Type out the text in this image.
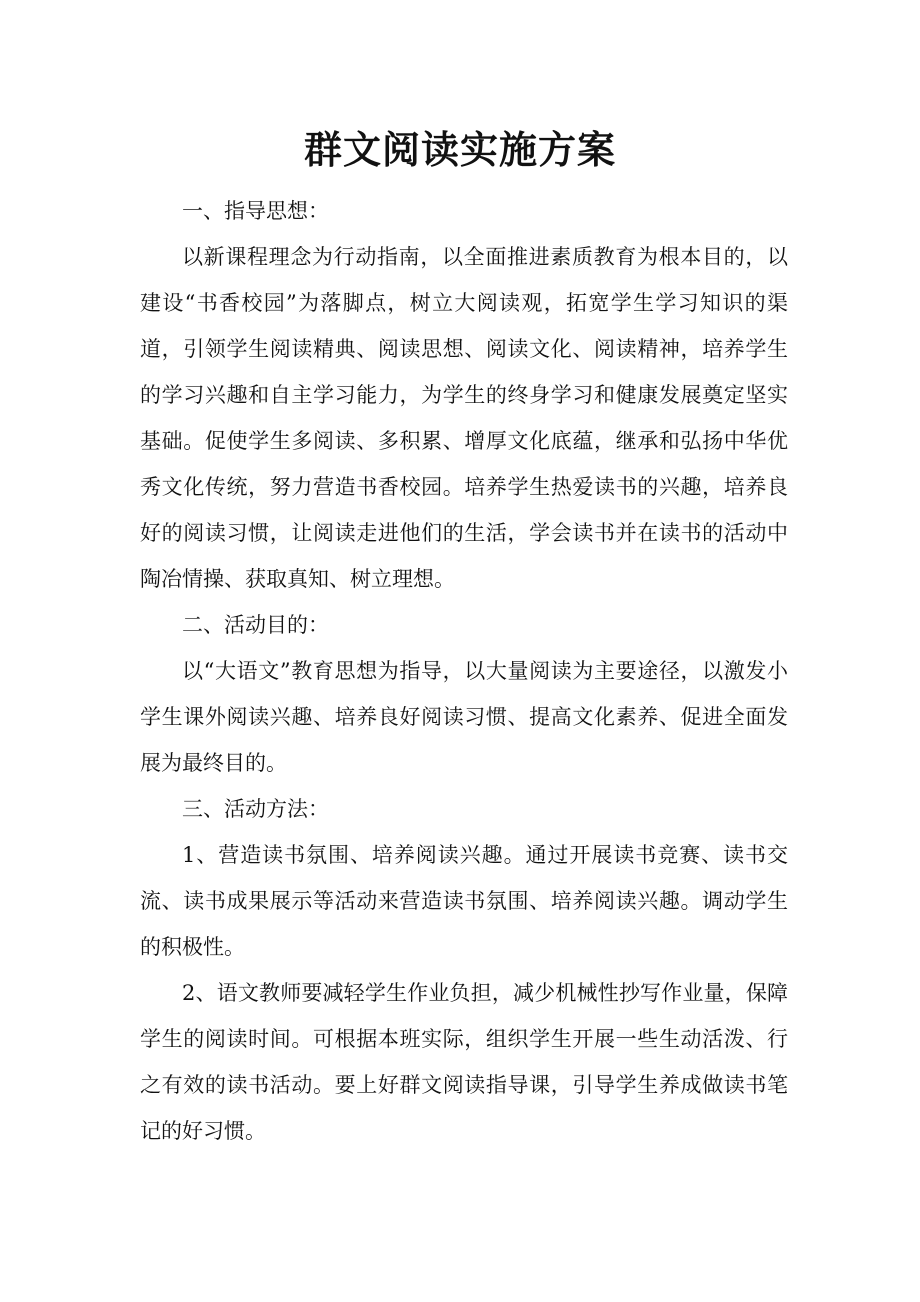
群文阅读实施方案

一、指导思想：

以新课程理念为行动指南，以全面推进素质教育为根本目的，以建设“书香校园”为落脚点，树立大阅读观，拓宽学生学习知识的渠道，引领学生阅读精典、阅读思想、阅读文化、阅读精神，培养学生的学习兴趣和自主学习能力，为学生的终身学习和健康发展奠定坚实基础。促使学生多阅读、多积累、增厚文化底蕴，继承和弘扬中华优秀文化传统，努力营造书香校园。培养学生热爱读书的兴趣，培养良好的阅读习惯，让阅读走进他们的生活，学会读书并在读书的活动中陶冶情操、获取真知、树立理想。

二、活动目的：

以“大语文”教育思想为指导，以大量阅读为主要途径，以激发小学生课外阅读兴趣、培养良好阅读习惯、提高文化素养、促进全面发展为最终目的。

三、活动方法：

1、营造读书氛围、培养阅读兴趣。通过开展读书竞赛、读书交流、读书成果展示等活动来营造读书氛围、培养阅读兴趣。调动学生的积极性。

2、语文教师要减轻学生作业负担，减少机械性抄写作业量，保障学生的阅读时间。可根据本班实际，组织学生开展一些生动活泼、行之有效的读书活动。要上好群文阅读指导课，引导学生养成做读书笔记的好习惯。
